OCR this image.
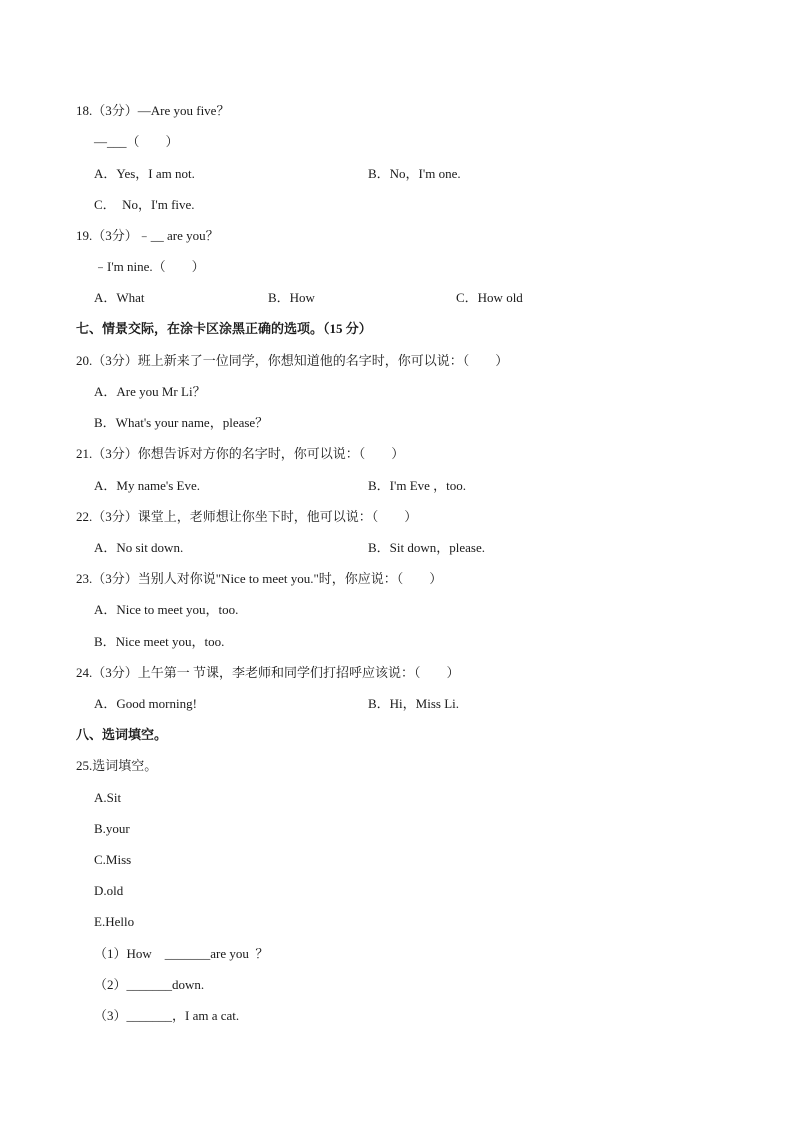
18.（3分）—Are you five？
—___（　　）
A．Yes，I am not.	B．No，I'm one.
C．  No，I'm five.
19.（3分）﹣__ are you？
﹣I'm nine.（　　）
A．What	B．How	C．How old
七、情景交际，在涂卡区涂黑正确的选项。（15 分）
20.（3分）班上新来了一位同学，你想知道他的名字时，你可以说：（　　）
A．Are you Mr Li？
B．What's your name，please？
21.（3分）你想告诉对方你的名字时，你可以说：（　　）
A．My name's Eve.	B．I'm Eve ，too.
22.（3分）课堂上，老师想让你坐下时，他可以说：（　　）
A．No sit down.	B．Sit down，please.
23.（3分）当别人对你说"Nice to meet you."时，你应说：（　　）
A．Nice to meet you，too.
B．Nice meet you，too.
24.（3分）上午第一 节课，李老师和同学们打招呼应该说：（　　）
A．Good morning!	B．Hi，Miss Li.
八、选词填空。
25.选词填空。
A.Sit
B.your
C.Miss
D.old
E.Hello
（1）How    _______are you  ？
（2）_______down.
（3）_______，I am a cat.
